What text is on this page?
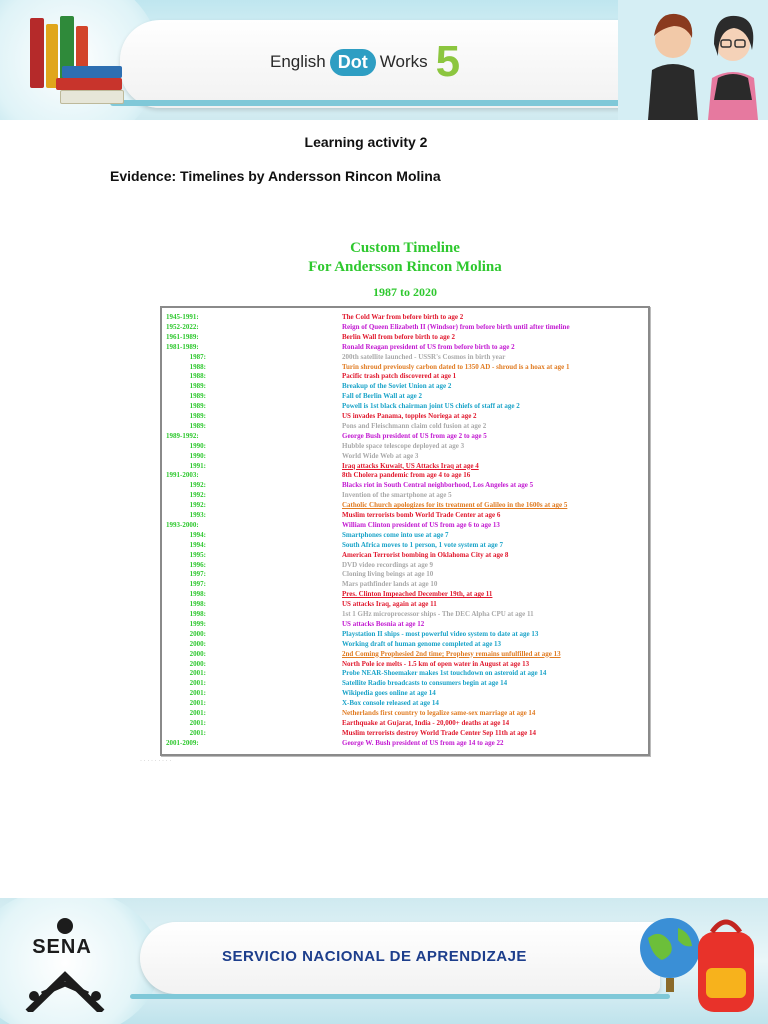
English Dot Works 5
Learning activity 2
Evidence: Timelines by Andersson Rincon Molina
Custom Timeline
For Andersson Rincon Molina
1987 to 2020
1945-1991:	The Cold War from before birth to age 2
1952-2022:	Reign of Queen Elizabeth II (Windsor) from before birth until after timeline
1961-1989:	Berlin Wall from before birth to age 2
1981-1989:	Ronald Reagan president of US from before birth to age 2
1987:	200th satellite launched - USSR's Cosmos in birth year
1988:	Turin shroud previously carbon dated to 1350 AD - shroud is a hoax at age 1
1988:	Pacific trash patch discovered at age 1
1989:	Breakup of the Soviet Union at age 2
1989:	Fall of Berlin Wall at age 2
1989:	Powell is 1st black chairman joint US chiefs of staff at age 2
1989:	US invades Panama, topples Noriega at age 2
1989:	Pons and Fleischmann claim cold fusion at age 2
1989-1992:	George Bush president of US from age 2 to age 5
1990:	Hubble space telescope deployed at age 3
1990:	World Wide Web at age 3
1991:	Iraq attacks Kuwait, US Attacks Iraq at age 4
1991-2003:	8th Cholera pandemic from age 4 to age 16
1992:	Blacks riot in South Central neighborhood, Los Angeles at age 5
1992:	Invention of the smartphone at age 5
1992:	Catholic Church apologizes for its treatment of Galileo in the 1600s at age 5
1993:	Muslim terrorists bomb World Trade Center at age 6
1993-2000:	William Clinton president of US from age 6 to age 13
1994:	Smartphones come into use at age 7
1994:	South Africa moves to 1 person, 1 vote system at age 7
1995:	American Terrorist bombing in Oklahoma City at age 8
1996:	DVD video recordings at age 9
1997:	Cloning living beings at age 10
1997:	Mars pathfinder lands at age 10
1998:	Pres. Clinton Impeached December 19th, at age 11
1998:	US attacks Iraq, again at age 11
1998:	1st 1 GHz microprocessor ships - The DEC Alpha CPU at age 11
1999:	US attacks Bosnia at age 12
2000:	Playstation II ships - most powerful video system to date at age 13
2000:	Working draft of human genome completed at age 13
2000:	2nd Coming Prophesied 2nd time; Prophesy remains unfulfilled at age 13
2000:	North Pole ice melts - 1.5 km of open water in August at age 13
2001:	Probe NEAR-Shoemaker makes 1st touchdown on asteroid at age 14
2001:	Satellite Radio broadcasts to consumers begin at age 14
2001:	Wikipedia goes online at age 14
2001:	X-Box console released at age 14
2001:	Netherlands first country to legalize same-sex marriage at age 14
2001:	Earthquake at Gujarat, India - 20,000+ deaths at age 14
2001:	Muslim terrorists destroy World Trade Center Sep 11th at age 14
2001-2009:	George W. Bush president of US from age 14 to age 22
· · · · · · · · ·
SENA	SERVICIO NACIONAL DE APRENDIZAJE
